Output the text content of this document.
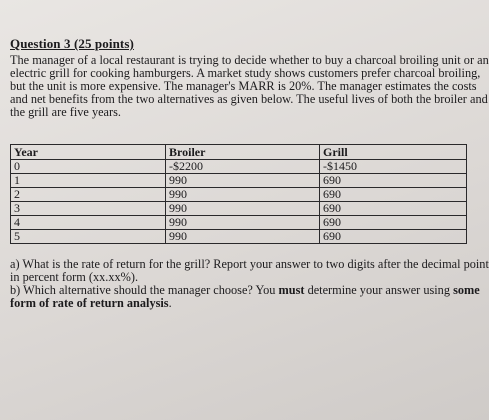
Question 3 (25 points)
The manager of a local restaurant is trying to decide whether to buy a charcoal broiling unit or an
electric grill for cooking hamburgers. A market study shows customers prefer charcoal broiling,
but the unit is more expensive. The manager's MARR is 20%. The manager estimates the costs
and net benefits from the two alternatives as given below. The useful lives of both the broiler and
the grill are five years.
Year	Broiler	Grill
0	-$2200	-$1450
1	990	690
2	990	690
3	990	690
4	990	690
5	990	690
a) What is the rate of return for the grill? Report your answer to two digits after the decimal point
in percent form (xx.xx%).
b) Which alternative should the manager choose? You must determine your answer using some
form of rate of return analysis.
